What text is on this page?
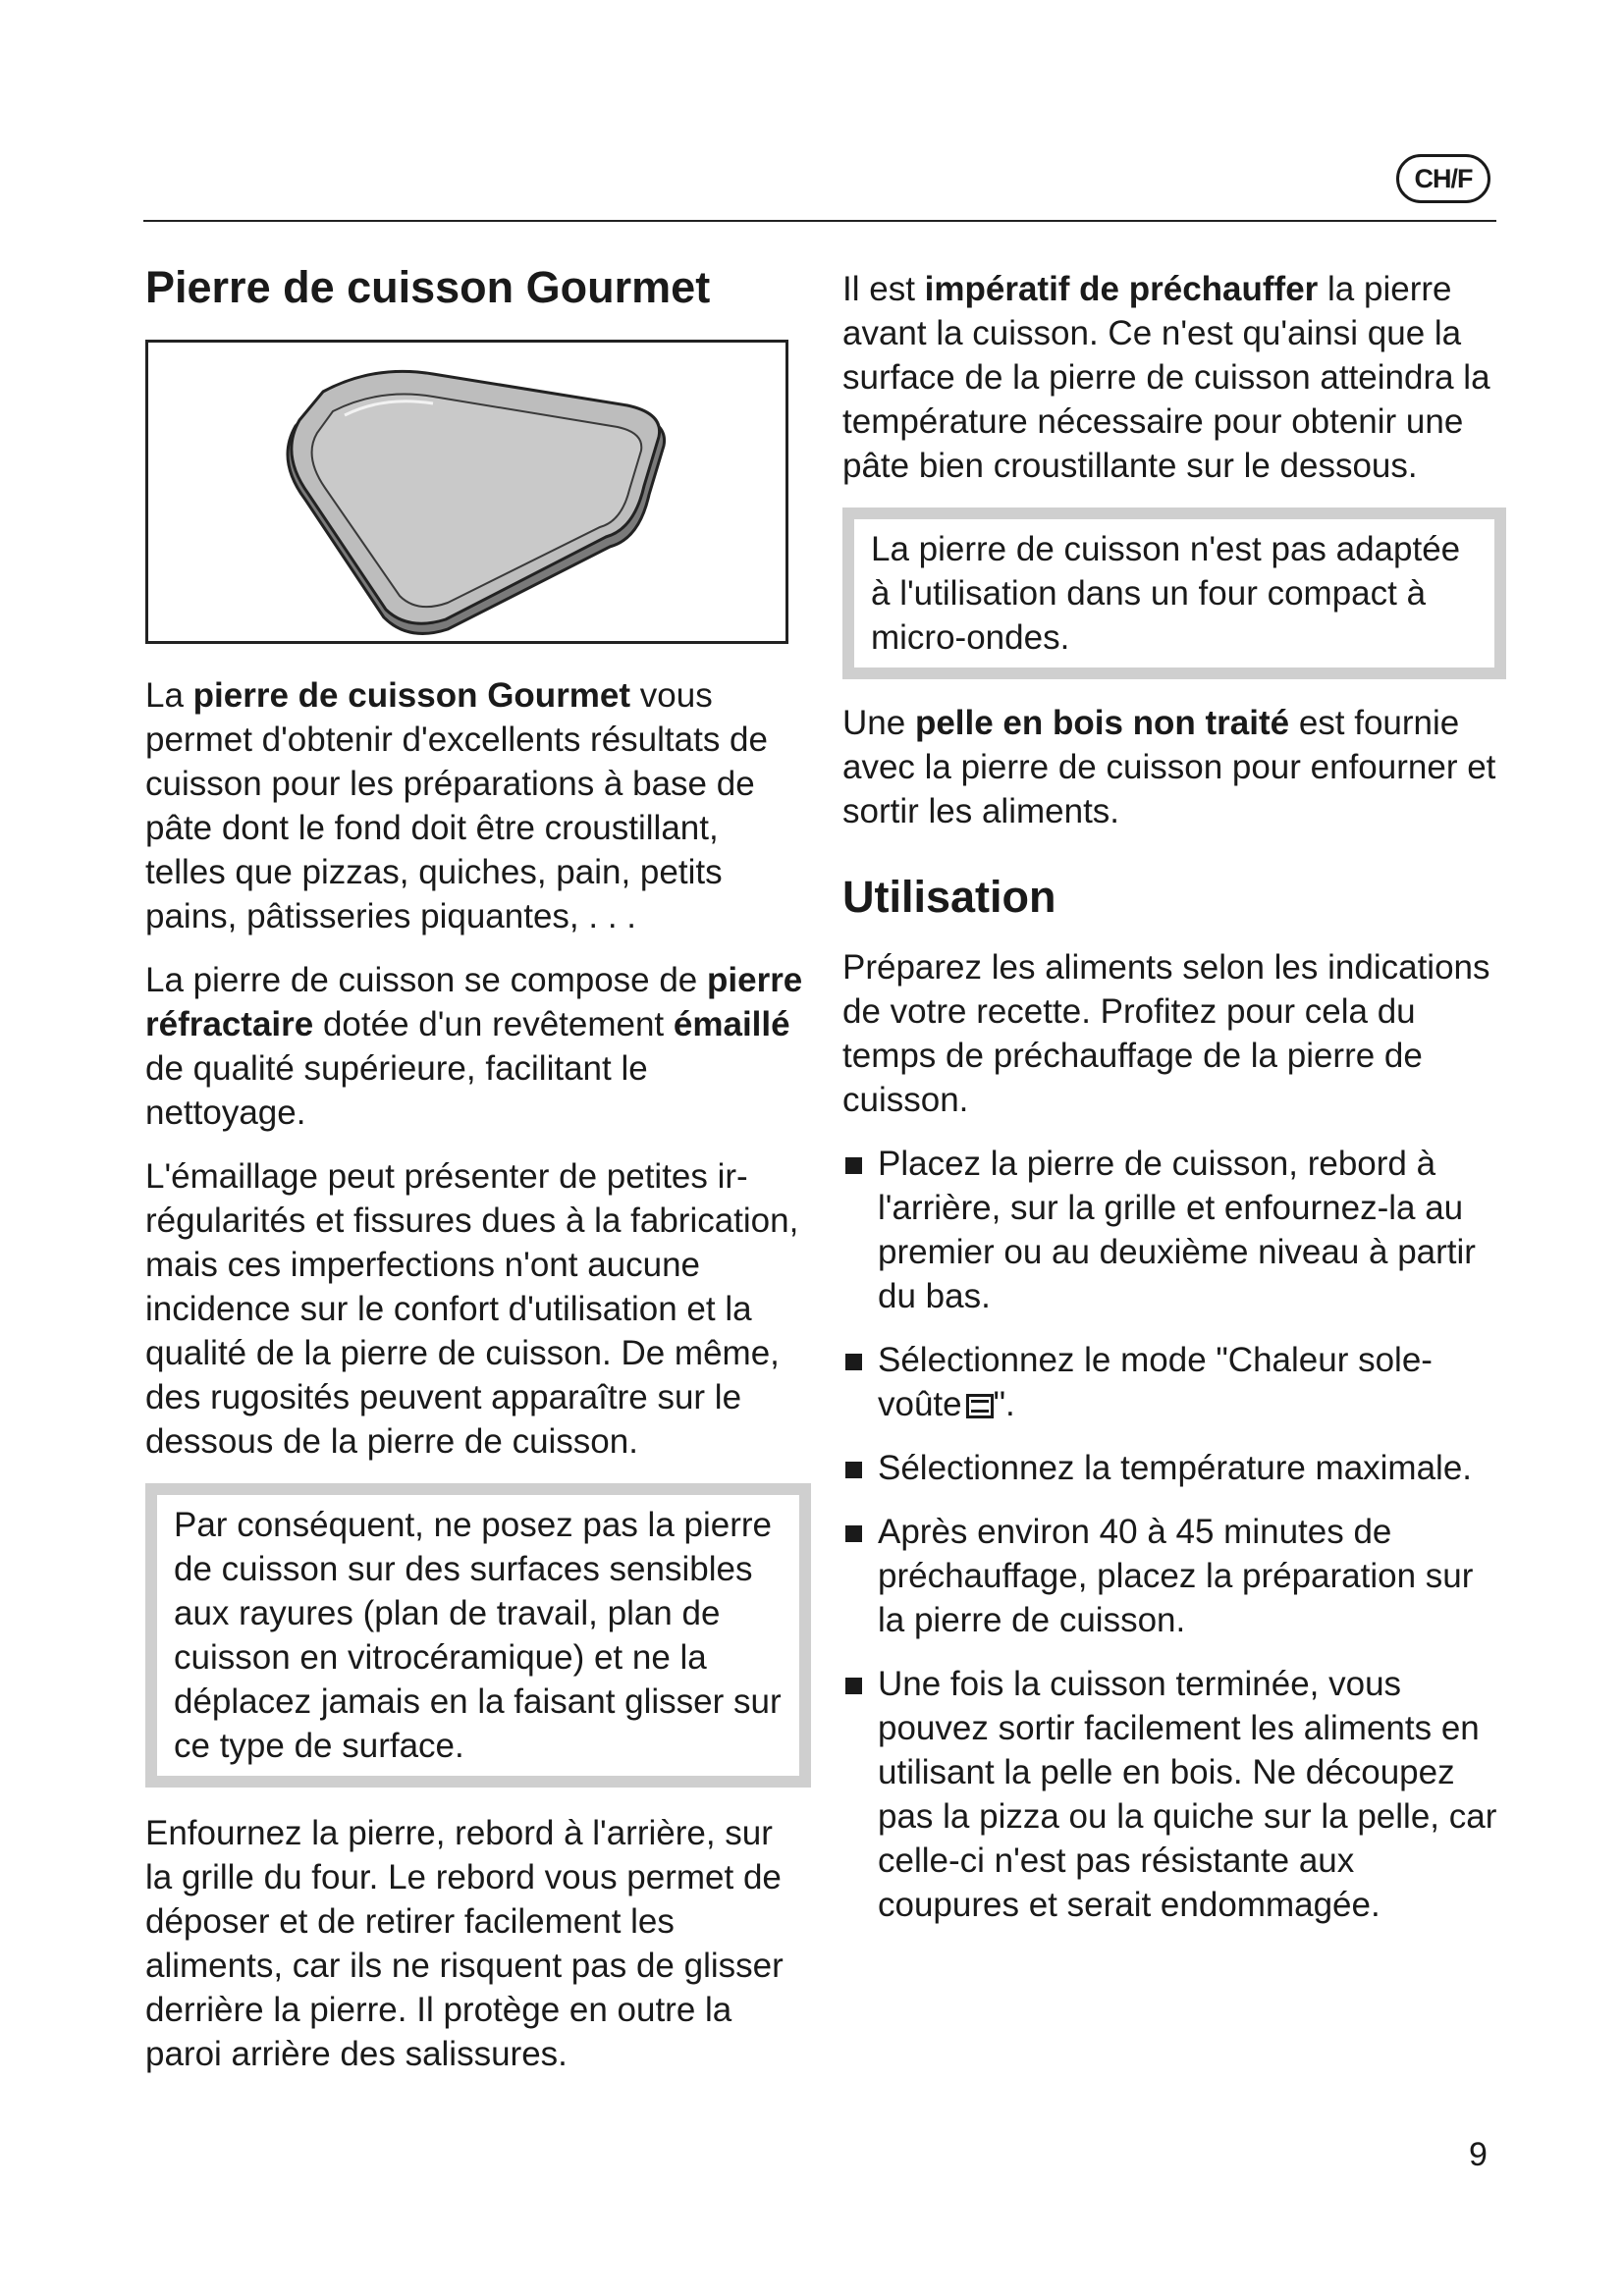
CH/F
Pierre de cuisson Gourmet

La pierre de cuisson Gourmet vous permet d'obtenir d'excellents résultats de cuisson pour les préparations à base de pâte dont le fond doit être croustillant, telles que pizzas, quiches, pain, petits pains, pâtisseries piquantes, . . .

La pierre de cuisson se compose de pierre réfractaire dotée d'un revêtement émaillé de qualité supérieure, facilitant le nettoyage.

L'émaillage peut présenter de petites irrégularités et fissures dues à la fabrication, mais ces imperfections n'ont aucune incidence sur le confort d'utilisation et la qualité de la pierre de cuisson. De même, des rugosités peuvent apparaître sur le dessous de la pierre de cuisson.

Par conséquent, ne posez pas la pierre de cuisson sur des surfaces sensibles aux rayures (plan de travail, plan de cuisson en vitrocéramique) et ne la déplacez jamais en la faisant glisser sur ce type de surface.

Enfournez la pierre, rebord à l'arrière, sur la grille du four. Le rebord vous permet de déposer et de retirer facilement les aliments, car ils ne risquent pas de glisser derrière la pierre. Il protège en outre la paroi arrière des salissures.

Il est impératif de préchauffer la pierre avant la cuisson. Ce n'est qu'ainsi que la surface de la pierre de cuisson atteindra la température nécessaire pour obtenir une pâte bien croustillante sur le dessous.

La pierre de cuisson n'est pas adaptée à l'utilisation dans un four compact à micro-ondes.

Une pelle en bois non traité est fournie avec la pierre de cuisson pour enfourner et sortir les aliments.

Utilisation

Préparez les aliments selon les indications de votre recette. Profitez pour cela du temps de préchauffage de la pierre de cuisson.

Placez la pierre de cuisson, rebord à l'arrière, sur la grille et enfournez-la au premier ou au deuxième niveau à partir du bas.
Sélectionnez le mode "Chaleur sole-voûte ".
Sélectionnez la température maximale.
Après environ 40 à 45 minutes de préchauffage, placez la préparation sur la pierre de cuisson.
Une fois la cuisson terminée, vous pouvez sortir facilement les aliments en utilisant la pelle en bois. Ne découpez pas la pizza ou la quiche sur la pelle, car celle-ci n'est pas résistante aux coupures et serait endommagée.
9
